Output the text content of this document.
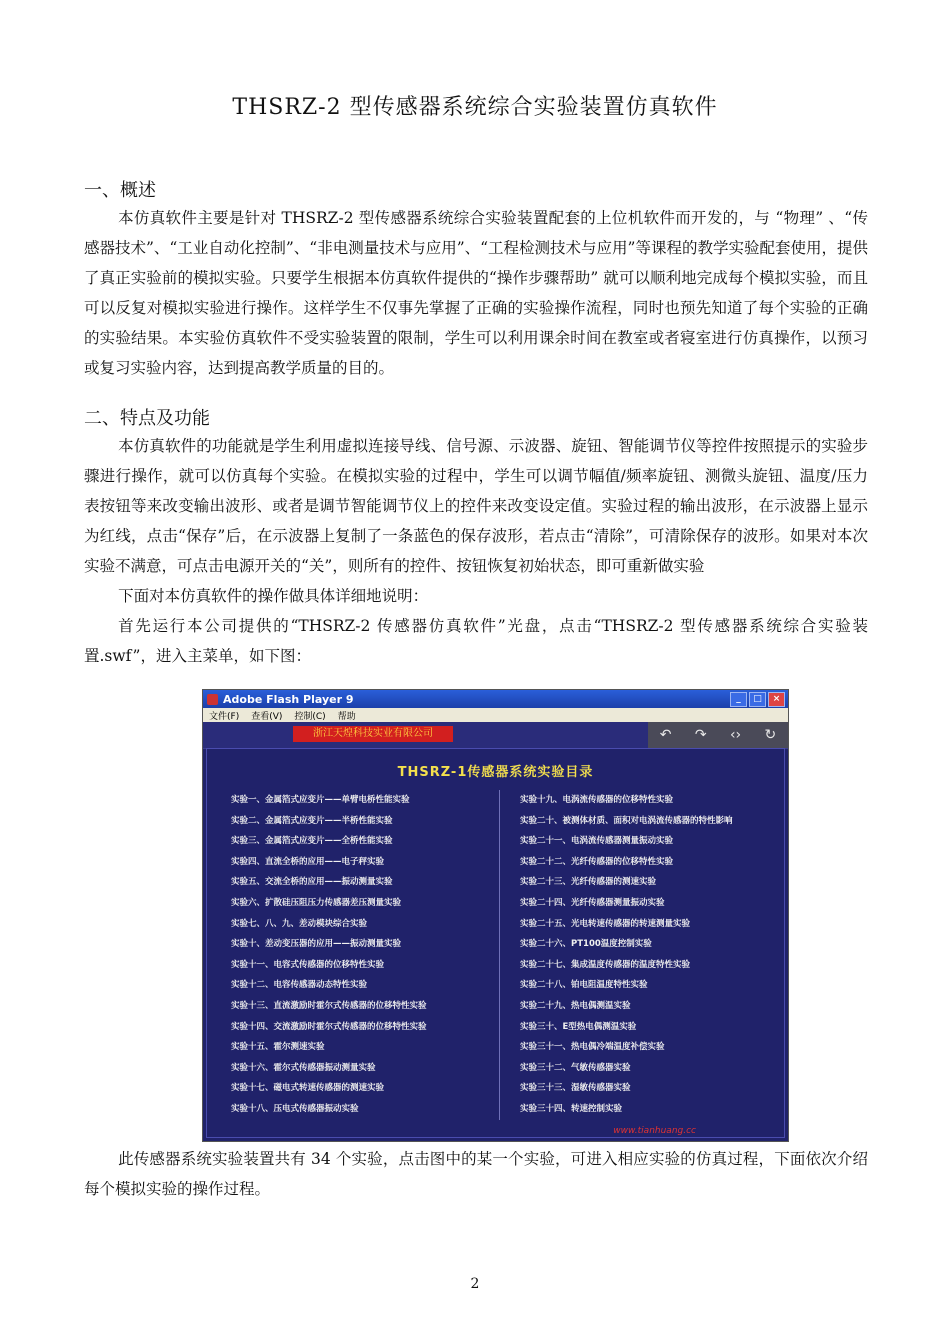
THSRZ-2 型传感器系统综合实验装置仿真软件
一、概述

本仿真软件主要是针对 THSRZ-2 型传感器系统综合实验装置配套的上位机软件而开发的，与 “物理” 、“传感器技术”、“工业自动化控制”、“非电测量技术与应用”、“工程检测技术与应用”等课程的教学实验配套使用，提供了真正实验前的模拟实验。只要学生根据本仿真软件提供的“操作步骤帮助” 就可以顺利地完成每个模拟实验，而且可以反复对模拟实验进行操作。这样学生不仅事先掌握了正确的实验操作流程，同时也预先知道了每个实验的正确的实验结果。本实验仿真软件不受实验装置的限制，学生可以利用课余时间在教室或者寝室进行仿真操作，以预习或复习实验内容，达到提高教学质量的目的。

二、特点及功能

本仿真软件的功能就是学生利用虚拟连接导线、信号源、示波器、旋钮、智能调节仪等控件按照提示的实验步骤进行操作，就可以仿真每个实验。在模拟实验的过程中，学生可以调节幅值/频率旋钮、测微头旋钮、温度/压力表按钮等来改变输出波形、或者是调节智能调节仪上的控件来改变设定值。实验过程的输出波形，在示波器上显示为红线，点击“保存”后，在示波器上复制了一条蓝色的保存波形，若点击“清除”，可清除保存的波形。如果对本次实验不满意，可点击电源开关的“关”，则所有的控件、按钮恢复初始状态，即可重新做实验

下面对本仿真软件的操作做具体详细地说明：

首先运行本公司提供的“THSRZ-2 传感器仿真软件”光盘，点击“THSRZ-2 型传感器系统综合实验装置.swf”，进入主菜单，如下图：

Adobe Flash Player 9	_	□	×
文件(F) 查看(V) 控制(C) 帮助
浙江天煌科技实业有限公司	↶ ↷ ‹› ↻
THSRZ-1传感器系统实验目录
实验一、金属箔式应变片——单臂电桥性能实验
实验二、金属箔式应变片——半桥性能实验
实验三、金属箔式应变片——全桥性能实验
实验四、直流全桥的应用——电子秤实验
实验五、交流全桥的应用——振动测量实验
实验六、扩散硅压阻压力传感器差压测量实验
实验七、八、九、差动模块综合实验
实验十、差动变压器的应用——振动测量实验
实验十一、电容式传感器的位移特性实验
实验十二、电容传感器动态特性实验
实验十三、直流激励时霍尔式传感器的位移特性实验
实验十四、交流激励时霍尔式传感器的位移特性实验
实验十五、霍尔测速实验
实验十六、霍尔式传感器振动测量实验
实验十七、磁电式转速传感器的测速实验
实验十八、压电式传感器振动实验
实验十九、电涡流传感器的位移特性实验
实验二十、被测体材质、面积对电涡流传感器的特性影响
实验二十一、电涡流传感器测量振动实验
实验二十二、光纤传感器的位移特性实验
实验二十三、光纤传感器的测速实验
实验二十四、光纤传感器测量振动实验
实验二十五、光电转速传感器的转速测量实验
实验二十六、PT100温度控制实验
实验二十七、集成温度传感器的温度特性实验
实验二十八、铂电阻温度特性实验
实验二十九、热电偶测温实验
实验三十、E型热电偶测温实验
实验三十一、热电偶冷端温度补偿实验
实验三十二、气敏传感器实验
实验三十三、湿敏传感器实验
实验三十四、转速控制实验
www.tianhuang.cc

此传感器系统实验装置共有 34 个实验，点击图中的某一个实验，可进入相应实验的仿真过程，下面依次介绍每个模拟实验的操作过程。

2
